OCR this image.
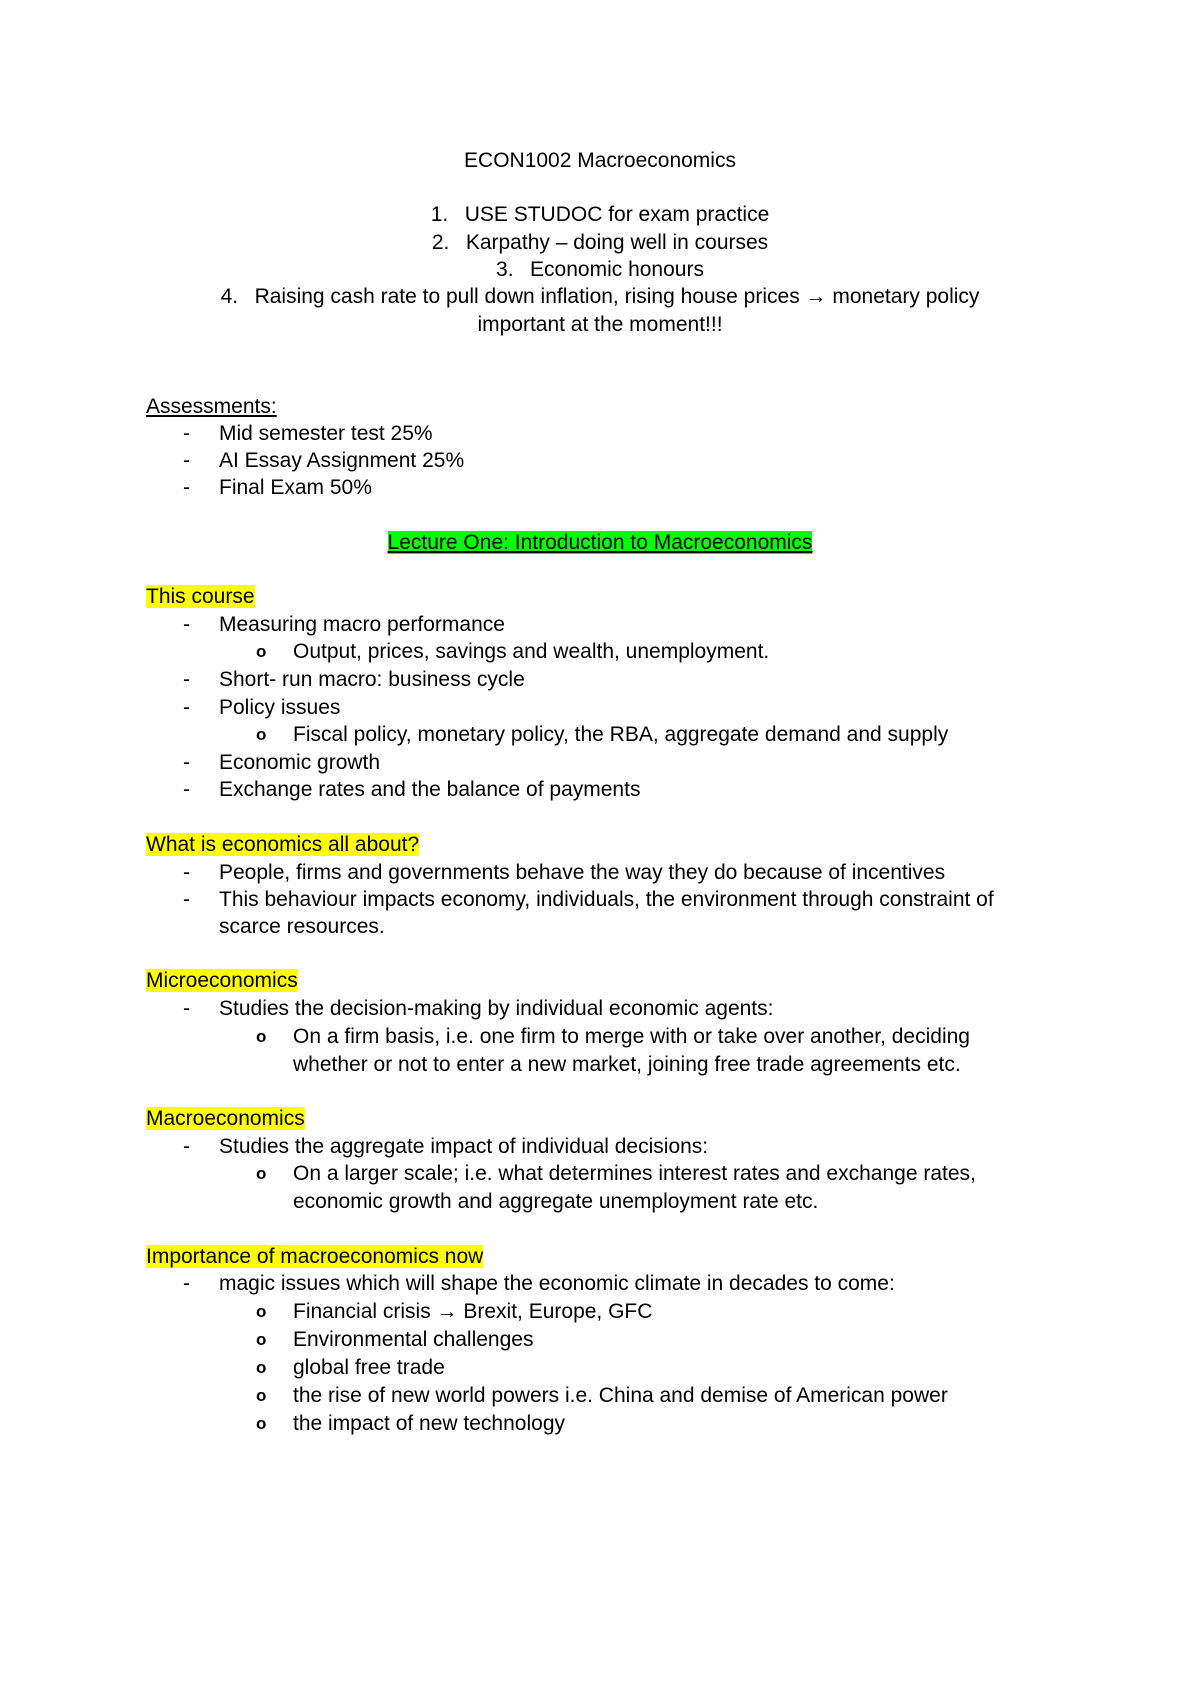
ECON1002 Macroeconomics
1. USE STUDOC for exam practice
2. Karpathy – doing well in courses
3. Economic honours
4. Raising cash rate to pull down inflation, rising house prices → monetary policy
important at the moment!!!
Assessments:
- Mid semester test 25%
- AI Essay Assignment 25%
- Final Exam 50%
Lecture One: Introduction to Macroeconomics
This course
- Measuring macro performance
o Output, prices, savings and wealth, unemployment.
- Short- run macro: business cycle
- Policy issues
o Fiscal policy, monetary policy, the RBA, aggregate demand and supply
- Economic growth
- Exchange rates and the balance of payments
What is economics all about?
- People, firms and governments behave the way they do because of incentives
- This behaviour impacts economy, individuals, the environment through constraint of
scarce resources.
Microeconomics
- Studies the decision-making by individual economic agents:
o On a firm basis, i.e. one firm to merge with or take over another, deciding
whether or not to enter a new market, joining free trade agreements etc.
Macroeconomics
- Studies the aggregate impact of individual decisions:
o On a larger scale; i.e. what determines interest rates and exchange rates,
economic growth and aggregate unemployment rate etc.
Importance of macroeconomics now
- magic issues which will shape the economic climate in decades to come:
o Financial crisis → Brexit, Europe, GFC
o Environmental challenges
o global free trade
o the rise of new world powers i.e. China and demise of American power
o the impact of new technology
